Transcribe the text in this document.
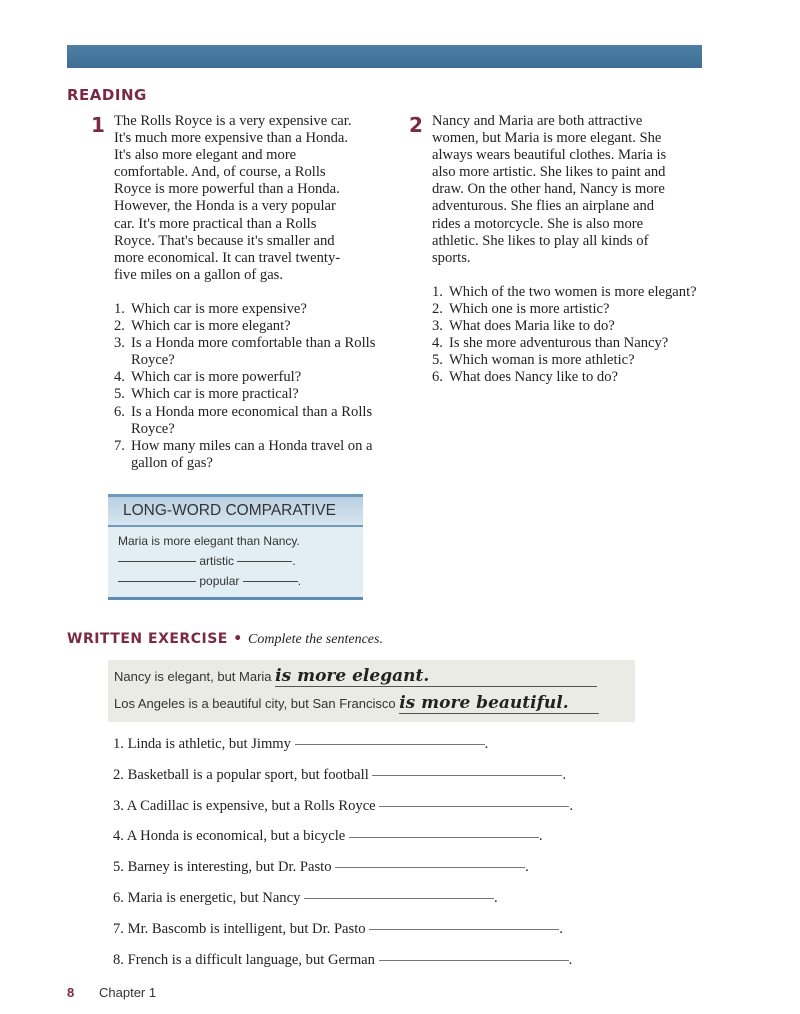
READING
1 The Rolls Royce is a very expensive car.
It's much more expensive than a Honda.
It's also more elegant and more
comfortable. And, of course, a Rolls
Royce is more powerful than a Honda.
However, the Honda is a very popular
car. It's more practical than a Rolls
Royce. That's because it's smaller and
more economical. It can travel twenty-
five miles on a gallon of gas.
1. Which car is more expensive?
2. Which car is more elegant?
3. Is a Honda more comfortable than a Rolls Royce?
4. Which car is more powerful?
5. Which car is more practical?
6. Is a Honda more economical than a Rolls Royce?
7. How many miles can a Honda travel on a gallon of gas?
2 Nancy and Maria are both attractive
women, but Maria is more elegant. She
always wears beautiful clothes. Maria is
also more artistic. She likes to paint and
draw. On the other hand, Nancy is more
adventurous. She flies an airplane and
rides a motorcycle. She is also more
athletic. She likes to play all kinds of
sports.
1. Which of the two women is more elegant?
2. Which one is more artistic?
3. What does Maria like to do?
4. Is she more adventurous than Nancy?
5. Which woman is more athletic?
6. What does Nancy like to do?
LONG-WORD COMPARATIVE
Maria is more elegant than Nancy.
artistic	.
popular	.
WRITTEN EXERCISE • Complete the sentences.
Nancy is elegant, but Maria is more elegant.
Los Angeles is a beautiful city, but San Francisco is more beautiful.
1. Linda is athletic, but Jimmy	.
2. Basketball is a popular sport, but football	.
3. A Cadillac is expensive, but a Rolls Royce	.
4. A Honda is economical, but a bicycle	.
5. Barney is interesting, but Dr. Pasto	.
6. Maria is energetic, but Nancy	.
7. Mr. Bascomb is intelligent, but Dr. Pasto	.
8. French is a difficult language, but German	.
8 Chapter 1
